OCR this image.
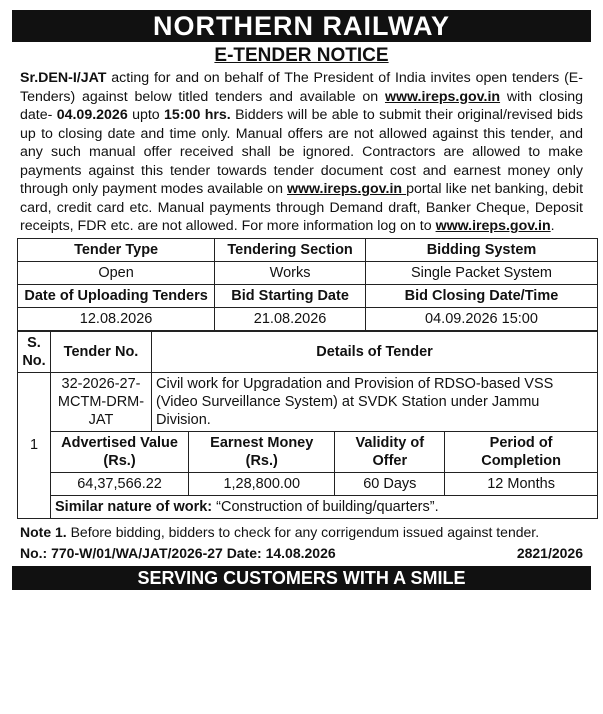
NORTHERN RAILWAY
E-TENDER NOTICE
Sr.DEN-I/JAT acting for and on behalf of The President of India invites open tenders (E-Tenders) against below titled tenders and available on www.ireps.gov.in with closing date- 04.09.2026 upto 15:00 hrs. Bidders will be able to submit their original/revised bids up to closing date and time only. Manual offers are not allowed against this tender, and any such manual offer received shall be ignored. Contractors are allowed to make payments against this tender towards tender document cost and earnest money only through only payment modes available on www.ireps.gov.in portal like net banking, debit card, credit card etc. Manual payments through Demand draft, Banker Cheque, Deposit receipts, FDR etc. are not allowed. For more information log on to www.ireps.gov.in.
Tender Type	Tendering Section	Bidding System
Open	Works	Single Packet System
Date of Uploading Tenders	Bid Starting Date	Bid Closing Date/Time
12.08.2026	21.08.2026	04.09.2026 15:00
S. No.	Tender No.	Details of Tender			
1	32-2026-27-MCTM-DRM-JAT	Civil work for Upgradation and Provision of RDSO-based VSS (Video Surveillance System) at SVDK Station under Jammu Division.			
	Advertised Value (Rs.)		Earnest Money (Rs.)	Validity of Offer	Period of Completion
	64,37,566.22		1,28,800.00	60 Days	12 Months
	Similar nature of work: “Construction of building/quarters”.				
Note 1. Before bidding, bidders to check for any corrigendum issued against tender.
No.: 770-W/01/WA/JAT/2026-27 Date: 14.08.2026	2821/2026
SERVING CUSTOMERS WITH A SMILE
